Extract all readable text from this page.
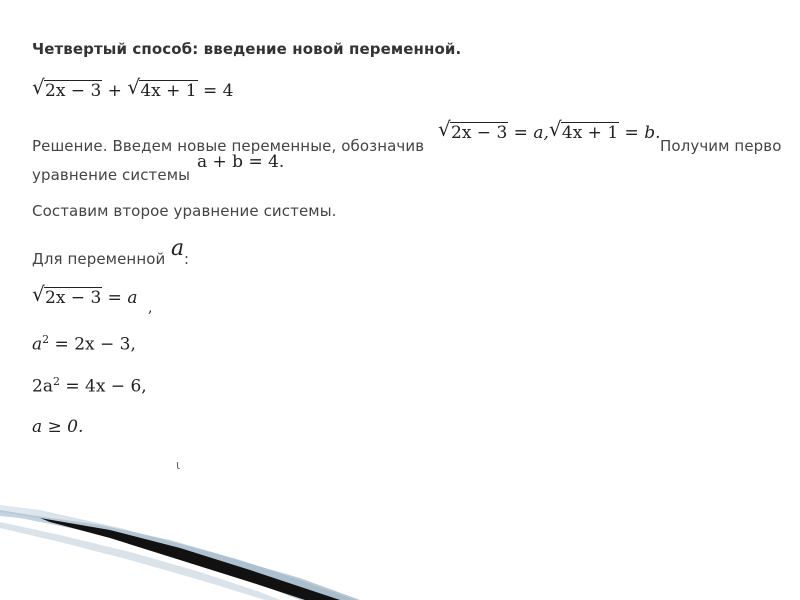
Четвертый способ: введение новой переменной.
√ 2x − 3 + √ 4x + 1 = 4
Решение. Введем новые переменные, обозначив
√ 2x − 3 = a, √ 4x + 1 = b.
Получим перво
уравнение системы
a + b = 4.
Составим второе уравнение системы.
Для переменной a :
√ 2x − 3 = a ,
$a^2 = 2x - 3$,
$2a^2 = 4x - 6$,
a ≥ 0.
ɩ
